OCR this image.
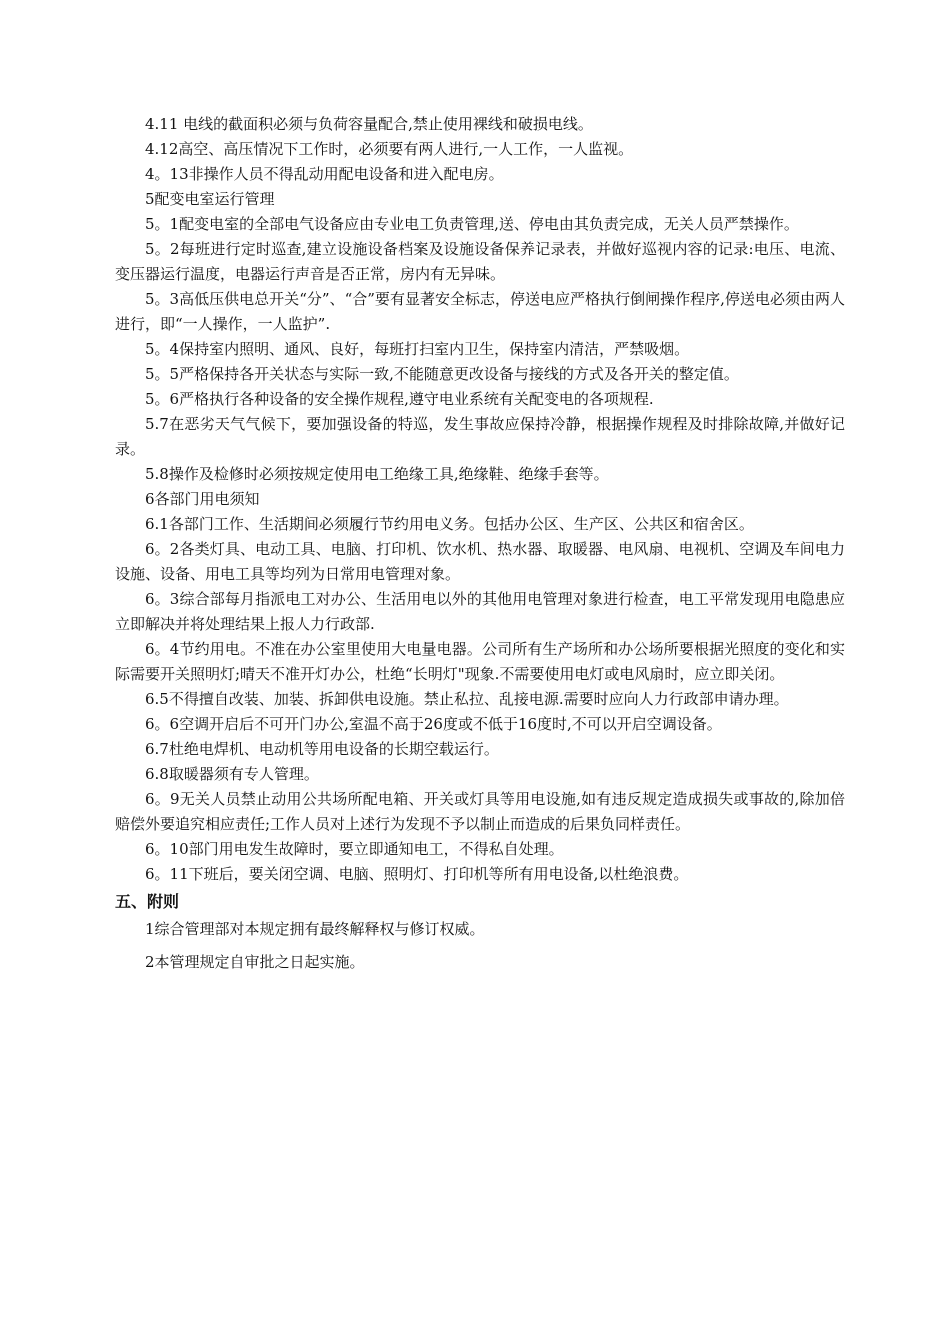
4.11 电线的截面积必须与负荷容量配合,禁止使用裸线和破损电线。

4.12高空、高压情况下工作时，必须要有两人进行,一人工作，一人监视。

4。13非操作人员不得乱动用配电设备和进入配电房。

5配变电室运行管理

5。1配变电室的全部电气设备应由专业电工负责管理,送、停电由其负责完成，无关人员严禁操作。

5。2每班进行定时巡查,建立设施设备档案及设施设备保养记录表，并做好巡视内容的记录:电压、电流、变压器运行温度，电器运行声音是否正常，房内有无异味。

5。3高低压供电总开关“分”、“合”要有显著安全标志，停送电应严格执行倒闸操作程序,停送电必须由两人进行，即“一人操作，一人监护”.

5。4保持室内照明、通风、良好，每班打扫室内卫生，保持室内清洁，严禁吸烟。

5。5严格保持各开关状态与实际一致,不能随意更改设备与接线的方式及各开关的整定值。

5。6严格执行各种设备的安全操作规程,遵守电业系统有关配变电的各项规程.

5.7在恶劣天气气候下，要加强设备的特巡，发生事故应保持冷静，根据操作规程及时排除故障,并做好记录。

5.8操作及检修时必须按规定使用电工绝缘工具,绝缘鞋、绝缘手套等。

6各部门用电须知

6.1各部门工作、生活期间必须履行节约用电义务。包括办公区、生产区、公共区和宿舍区。

6。2各类灯具、电动工具、电脑、打印机、饮水机、热水器、取暖器、电风扇、电视机、空调及车间电力设施、设备、用电工具等均列为日常用电管理对象。

6。3综合部每月指派电工对办公、生活用电以外的其他用电管理对象进行检查，电工平常发现用电隐患应立即解决并将处理结果上报人力行政部.

6。4节约用电。不准在办公室里使用大电量电器。公司所有生产场所和办公场所要根据光照度的变化和实际需要开关照明灯;晴天不准开灯办公，杜绝“长明灯"现象.不需要使用电灯或电风扇时，应立即关闭。

6.5不得擅自改装、加装、拆卸供电设施。禁止私拉、乱接电源.需要时应向人力行政部申请办理。

6。6空调开启后不可开门办公,室温不高于26度或不低于16度时,不可以开启空调设备。

6.7杜绝电焊机、电动机等用电设备的长期空载运行。

6.8取暖器须有专人管理。

6。9无关人员禁止动用公共场所配电箱、开关或灯具等用电设施,如有违反规定造成损失或事故的,除加倍赔偿外要追究相应责任;工作人员对上述行为发现不予以制止而造成的后果负同样责任。

6。10部门用电发生故障时，要立即通知电工，不得私自处理。

6。11下班后，要关闭空调、电脑、照明灯、打印机等所有用电设备,以杜绝浪费。

五、附则

1综合管理部对本规定拥有最终解释权与修订权威。

2本管理规定自审批之日起实施。
